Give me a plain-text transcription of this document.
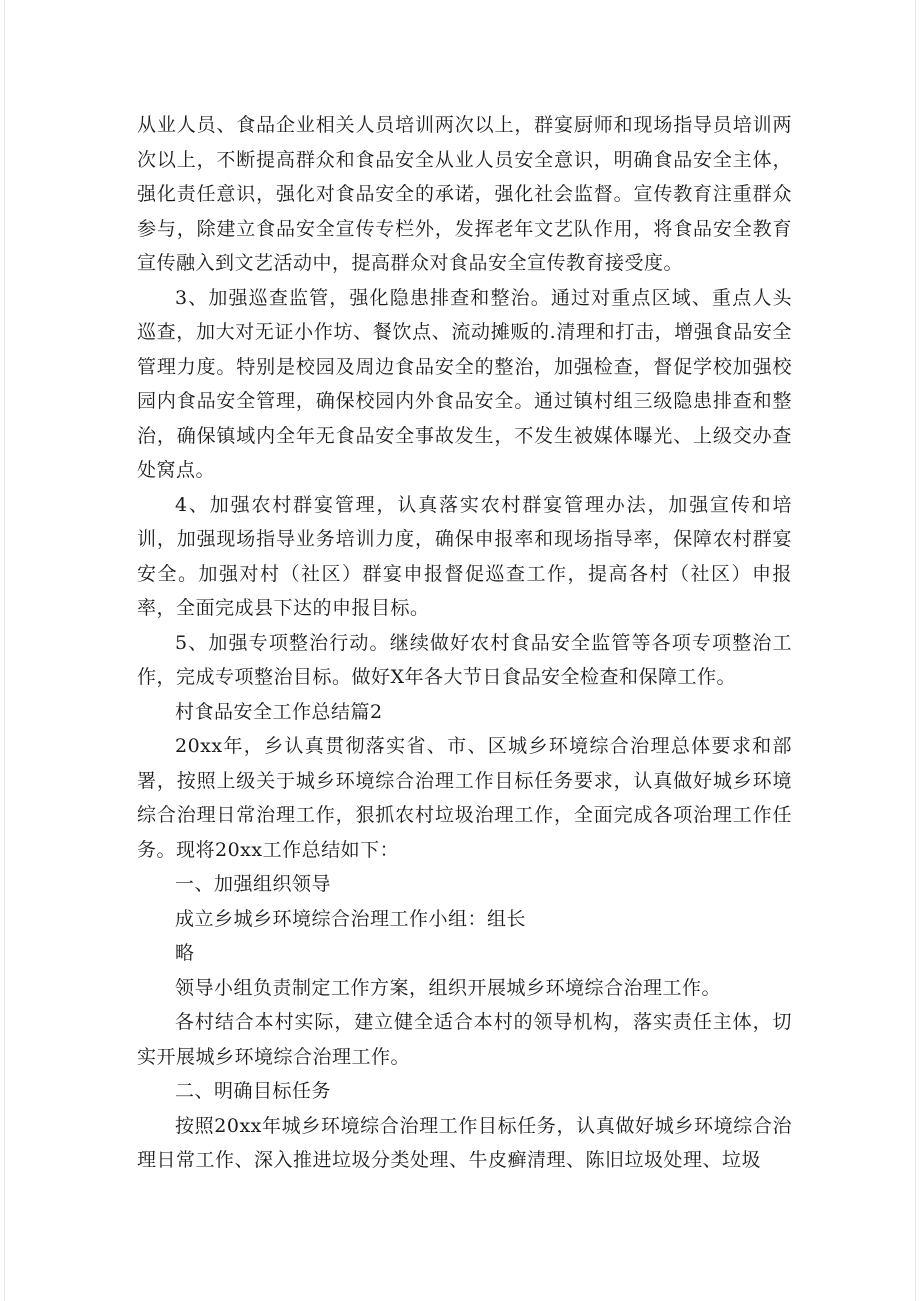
从业人员、食品企业相关人员培训两次以上，群宴厨师和现场指导员培训两次以上，不断提高群众和食品安全从业人员安全意识，明确食品安全主体，强化责任意识，强化对食品安全的承诺，强化社会监督。宣传教育注重群众参与，除建立食品安全宣传专栏外，发挥老年文艺队作用，将食品安全教育宣传融入到文艺活动中，提高群众对食品安全宣传教育接受度。

3、加强巡查监管，强化隐患排查和整治。通过对重点区域、重点人头巡查，加大对无证小作坊、餐饮点、流动摊贩的.清理和打击，增强食品安全管理力度。特别是校园及周边食品安全的整治，加强检查，督促学校加强校园内食品安全管理，确保校园内外食品安全。通过镇村组三级隐患排查和整治，确保镇域内全年无食品安全事故发生，不发生被媒体曝光、上级交办查处窝点。

4、加强农村群宴管理，认真落实农村群宴管理办法，加强宣传和培训，加强现场指导业务培训力度，确保申报率和现场指导率，保障农村群宴安全。加强对村（社区）群宴申报督促巡查工作，提高各村（社区）申报率，全面完成县下达的申报目标。

5、加强专项整治行动。继续做好农村食品安全监管等各项专项整治工作，完成专项整治目标。做好X年各大节日食品安全检查和保障工作。

村食品安全工作总结篇2

20xx年，乡认真贯彻落实省、市、区城乡环境综合治理总体要求和部署，按照上级关于城乡环境综合治理工作目标任务要求，认真做好城乡环境综合治理日常治理工作，狠抓农村垃圾治理工作，全面完成各项治理工作任务。现将20xx工作总结如下：

一、加强组织领导

成立乡城乡环境综合治理工作小组：组长

略

领导小组负责制定工作方案，组织开展城乡环境综合治理工作。

各村结合本村实际，建立健全适合本村的领导机构，落实责任主体，切实开展城乡环境综合治理工作。

二、明确目标任务

按照20xx年城乡环境综合治理工作目标任务，认真做好城乡环境综合治理日常工作、深入推进垃圾分类处理、牛皮癣清理、陈旧垃圾处理、垃圾
